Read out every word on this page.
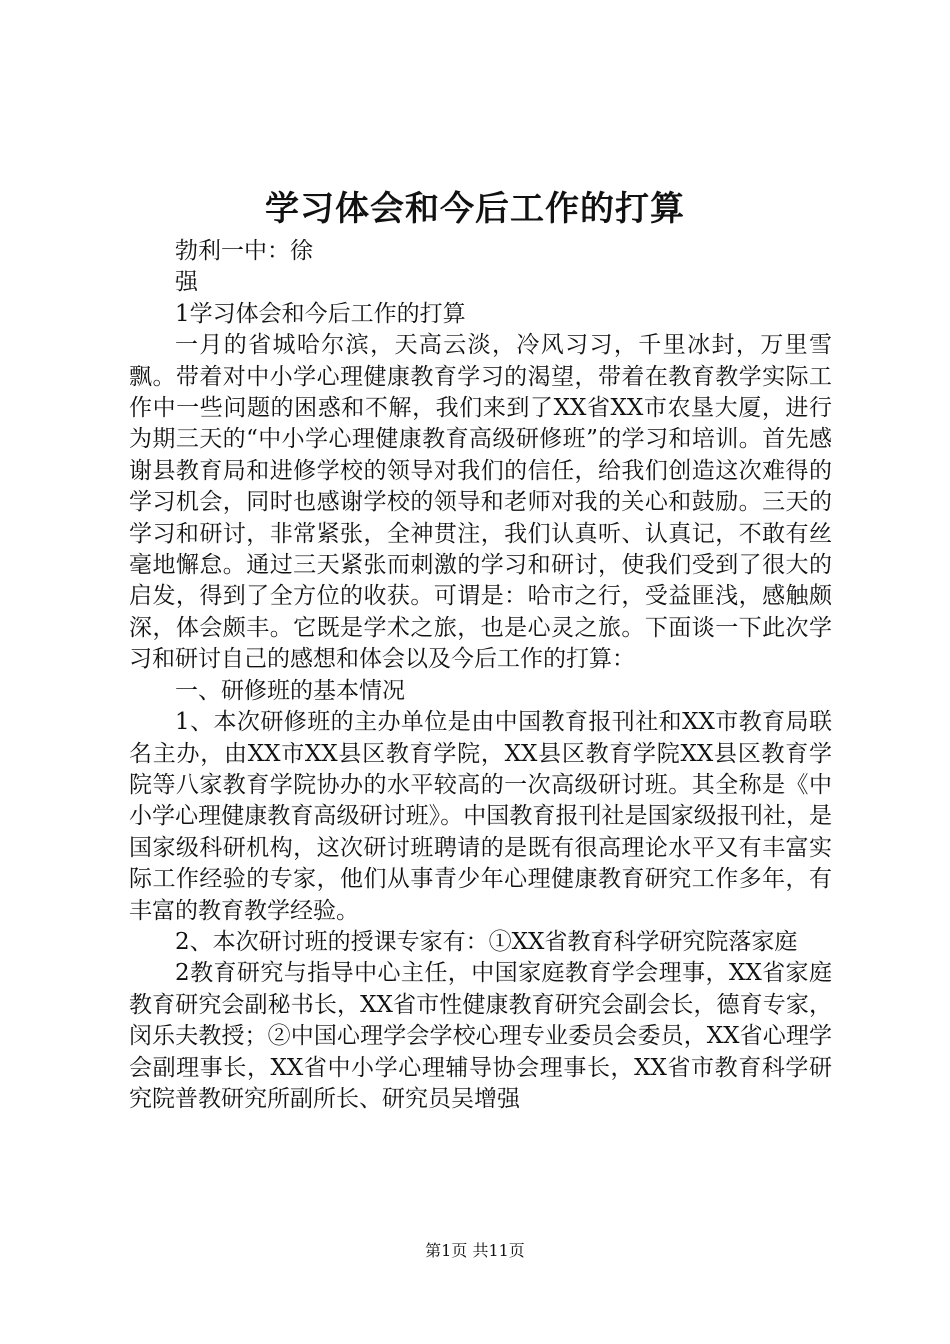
学习体会和今后工作的打算

勃利一中：徐

强

1学习体会和今后工作的打算

一月的省城哈尔滨，天高云淡，冷风习习，千里冰封，万里雪飘。带着对中小学心理健康教育学习的渴望，带着在教育教学实际工作中一些问题的困惑和不解，我们来到了XX省XX市农垦大厦，进行为期三天的“中小学心理健康教育高级研修班”的学习和培训。首先感谢县教育局和进修学校的领导对我们的信任，给我们创造这次难得的学习机会，同时也感谢学校的领导和老师对我的关心和鼓励。三天的学习和研讨，非常紧张，全神贯注，我们认真听、认真记，不敢有丝毫地懈怠。通过三天紧张而刺激的学习和研讨，使我们受到了很大的启发，得到了全方位的收获。可谓是：哈市之行，受益匪浅，感触颇深，体会颇丰。它既是学术之旅，也是心灵之旅。下面谈一下此次学习和研讨自己的感想和体会以及今后工作的打算：

一、研修班的基本情况

1、本次研修班的主办单位是由中国教育报刊社和XX市教育局联名主办，由XX市XX县区教育学院，XX县区教育学院XX县区教育学院等八家教育学院协办的水平较高的一次高级研讨班。其全称是《中小学心理健康教育高级研讨班》。中国教育报刊社是国家级报刊社，是国家级科研机构，这次研讨班聘请的是既有很高理论水平又有丰富实际工作经验的专家，他们从事青少年心理健康教育研究工作多年，有丰富的教育教学经验。

2、本次研讨班的授课专家有：①XX省教育科学研究院落家庭

2教育研究与指导中心主任，中国家庭教育学会理事，XX省家庭教育研究会副秘书长，XX省市性健康教育研究会副会长，德育专家，闵乐夫教授；②中国心理学会学校心理专业委员会委员，XX省心理学会副理事长，XX省中小学心理辅导协会理事长，XX省市教育科学研究院普教研究所副所长、研究员吴增强

第1页 共11页
